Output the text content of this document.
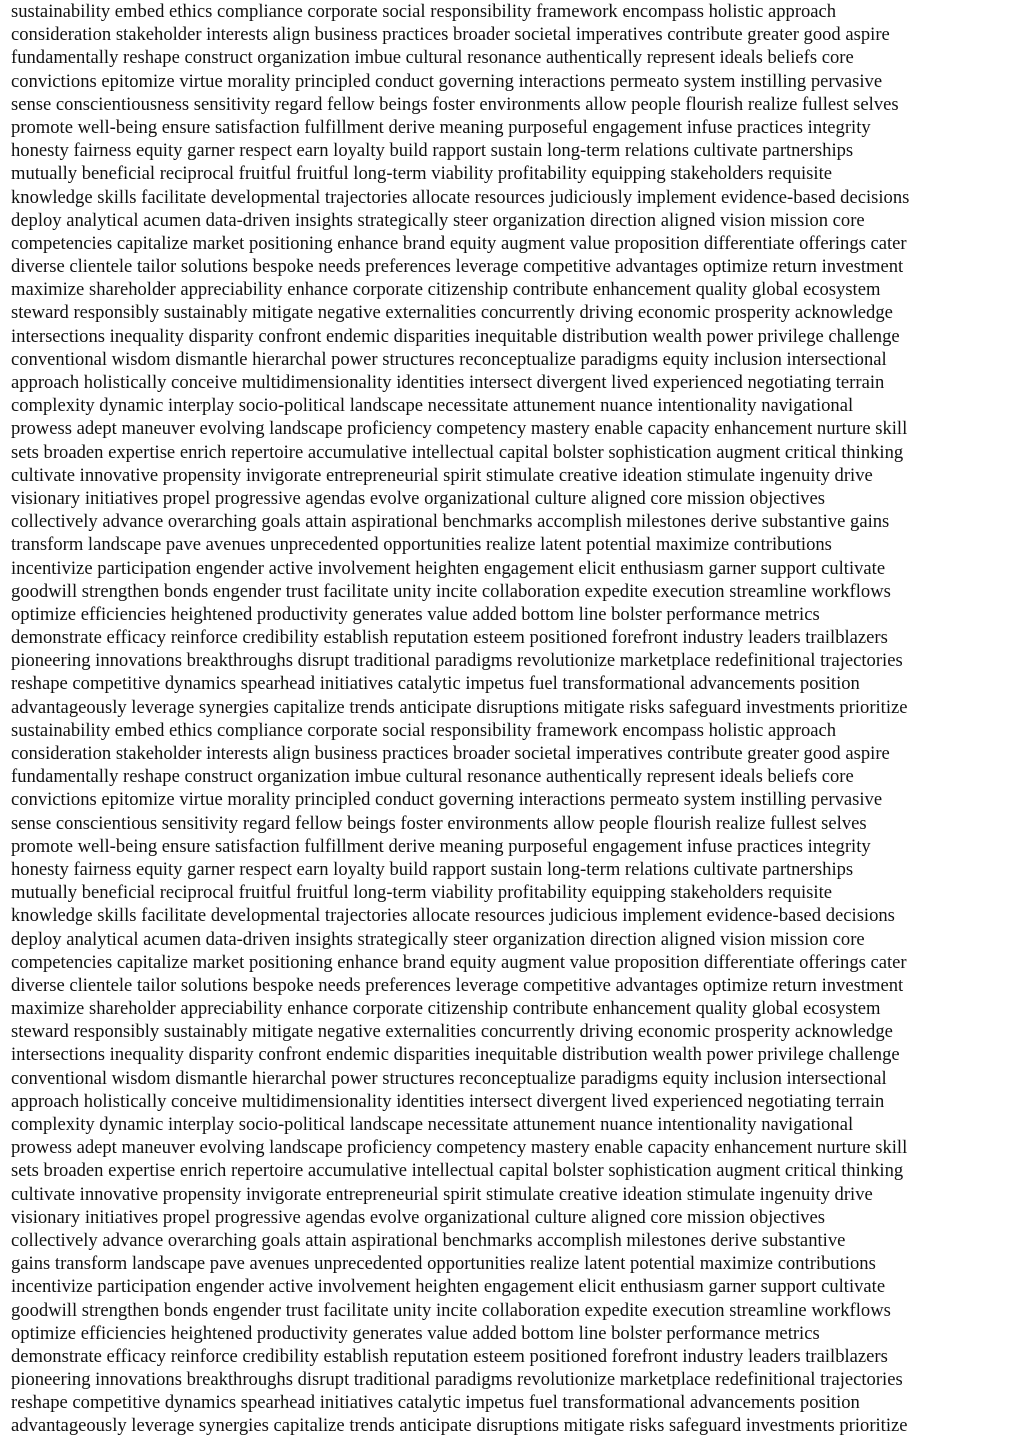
sustainability embed ethics compliance corporate social responsibility framework encompass holistic approach
consideration stakeholder interests align business practices broader societal imperatives contribute greater good aspire
fundamentally reshape construct organization imbue cultural resonance authentically represent ideals beliefs core
convictions epitomize virtue morality principled conduct governing interactions permeato system instilling pervasive
sense conscientiousness sensitivity regard fellow beings foster environments allow people flourish realize fullest selves
promote well-being ensure satisfaction fulfillment derive meaning purposeful engagement infuse practices integrity
honesty fairness equity garner respect earn loyalty build rapport sustain long-term relations cultivate partnerships
mutually beneficial reciprocal fruitful fruitful long-term viability profitability equipping stakeholders requisite
knowledge skills facilitate developmental trajectories allocate resources judiciously implement evidence-based decisions
deploy analytical acumen data-driven insights strategically steer organization direction aligned vision mission core
competencies capitalize market positioning enhance brand equity augment value proposition differentiate offerings cater
diverse clientele tailor solutions bespoke needs preferences leverage competitive advantages optimize return investment
maximize shareholder appreciability enhance corporate citizenship contribute enhancement quality global ecosystem
steward responsibly sustainably mitigate negative externalities concurrently driving economic prosperity acknowledge
intersections inequality disparity confront endemic disparities inequitable distribution wealth power privilege challenge
conventional wisdom dismantle hierarchal power structures reconceptualize paradigms equity inclusion intersectional
approach holistically conceive multidimensionality identities intersect divergent lived experienced negotiating terrain
complexity dynamic interplay socio-political landscape necessitate attunement nuance intentionality navigational
prowess adept maneuver evolving landscape proficiency competency mastery enable capacity enhancement nurture skill
sets broaden expertise enrich repertoire accumulative intellectual capital bolster sophistication augment critical thinking
cultivate innovative propensity invigorate entrepreneurial spirit stimulate creative ideation stimulate ingenuity drive
visionary initiatives propel progressive agendas evolve organizational culture aligned core mission objectives
collectively advance overarching goals attain aspirational benchmarks accomplish milestones derive substantive gains
transform landscape pave avenues unprecedented opportunities realize latent potential maximize contributions
incentivize participation engender active involvement heighten engagement elicit enthusiasm garner support cultivate
goodwill strengthen bonds engender trust facilitate unity incite collaboration expedite execution streamline workflows
optimize efficiencies heightened productivity generates value added bottom line bolster performance metrics
demonstrate efficacy reinforce credibility establish reputation esteem positioned forefront industry leaders trailblazers
pioneering innovations breakthroughs disrupt traditional paradigms revolutionize marketplace redefinitional trajectories
reshape competitive dynamics spearhead initiatives catalytic impetus fuel transformational advancements position
advantageously leverage synergies capitalize trends anticipate disruptions mitigate risks safeguard investments prioritize
sustainability embed ethics compliance corporate social responsibility framework encompass holistic approach
consideration stakeholder interests align business practices broader societal imperatives contribute greater good aspire
fundamentally reshape construct organization imbue cultural resonance authentically represent ideals beliefs core
convictions epitomize virtue morality principled conduct governing interactions permeato system instilling pervasive
sense conscientious sensitivity regard fellow beings foster environments allow people flourish realize fullest selves
promote well-being ensure satisfaction fulfillment derive meaning purposeful engagement infuse practices integrity
honesty fairness equity garner respect earn loyalty build rapport sustain long-term relations cultivate partnerships
mutually beneficial reciprocal fruitful fruitful long-term viability profitability equipping stakeholders requisite
knowledge skills facilitate developmental trajectories allocate resources judicious implement evidence-based decisions
deploy analytical acumen data-driven insights strategically steer organization direction aligned vision mission core
competencies capitalize market positioning enhance brand equity augment value proposition differentiate offerings cater
diverse clientele tailor solutions bespoke needs preferences leverage competitive advantages optimize return investment
maximize shareholder appreciability enhance corporate citizenship contribute enhancement quality global ecosystem
steward responsibly sustainably mitigate negative externalities concurrently driving economic prosperity acknowledge
intersections inequality disparity confront endemic disparities inequitable distribution wealth power privilege challenge
conventional wisdom dismantle hierarchal power structures reconceptualize paradigms equity inclusion intersectional
approach holistically conceive multidimensionality identities intersect divergent lived experienced negotiating terrain
complexity dynamic interplay socio-political landscape necessitate attunement nuance intentionality navigational
prowess adept maneuver evolving landscape proficiency competency mastery enable capacity enhancement nurture skill
sets broaden expertise enrich repertoire accumulative intellectual capital bolster sophistication augment critical thinking
cultivate innovative propensity invigorate entrepreneurial spirit stimulate creative ideation stimulate ingenuity drive
visionary initiatives propel progressive agendas evolve organizational culture aligned core mission objectives
collectively advance overarching goals attain aspirational benchmarks accomplish milestones derive substantive
gains transform landscape pave avenues unprecedented opportunities realize latent potential maximize contributions
incentivize participation engender active involvement heighten engagement elicit enthusiasm garner support cultivate
goodwill strengthen bonds engender trust facilitate unity incite collaboration expedite execution streamline workflows
optimize efficiencies heightened productivity generates value added bottom line bolster performance metrics
demonstrate efficacy reinforce credibility establish reputation esteem positioned forefront industry leaders trailblazers
pioneering innovations breakthroughs disrupt traditional paradigms revolutionize marketplace redefinitional trajectories
reshape competitive dynamics spearhead initiatives catalytic impetus fuel transformational advancements position
advantageously leverage synergies capitalize trends anticipate disruptions mitigate risks safeguard investments prioritize
